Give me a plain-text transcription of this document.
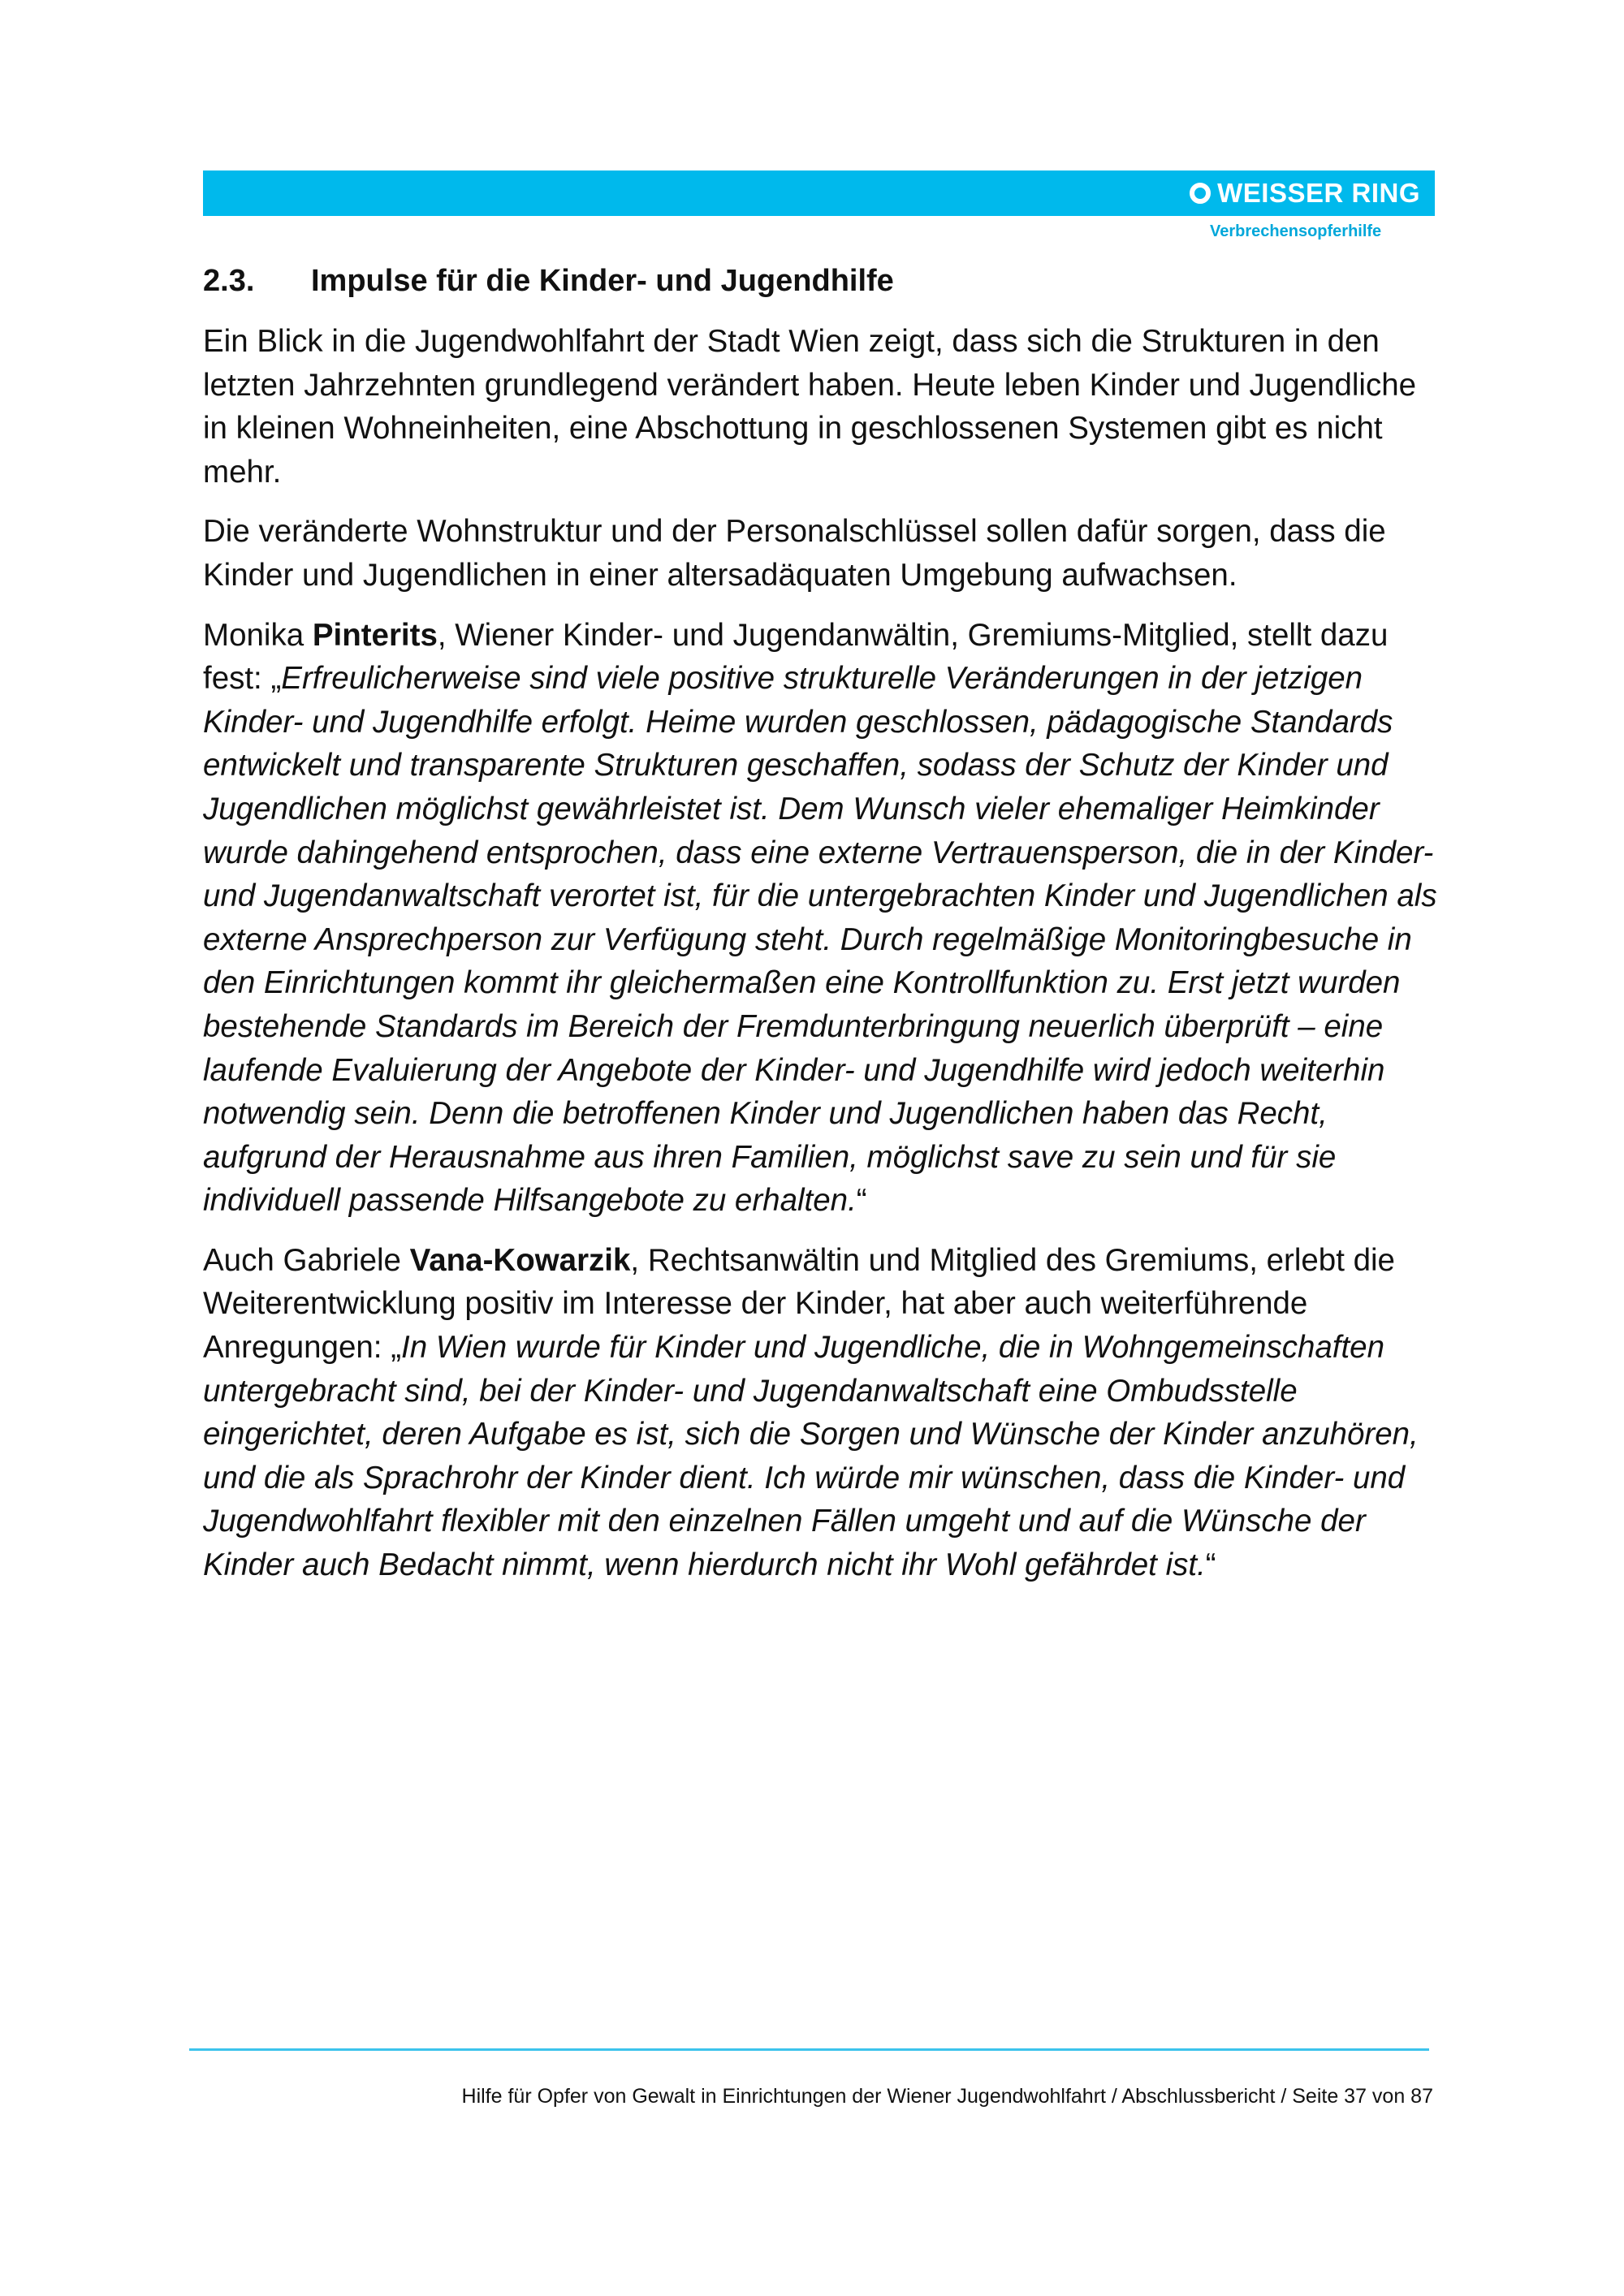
WEISSER RING
Verbrechensopferhilfe
2.3.	Impulse für die Kinder- und Jugendhilfe

Ein Blick in die Jugendwohlfahrt der Stadt Wien zeigt, dass sich die Strukturen in den letzten Jahrzehnten grundlegend verändert haben. Heute leben Kinder und Jugendliche in kleinen Wohneinheiten, eine Abschottung in geschlossenen Systemen gibt es nicht mehr.

Die veränderte Wohnstruktur und der Personalschlüssel sollen dafür sorgen, dass die Kinder und Jugendlichen in einer altersadäquaten Umgebung aufwachsen.

Monika Pinterits, Wiener Kinder- und Jugendanwältin, Gremiums-Mitglied, stellt dazu fest: „Erfreulicherweise sind viele positive strukturelle Veränderungen in der jetzigen Kinder- und Jugendhilfe erfolgt. Heime wurden geschlossen, pädagogische Standards entwickelt und transparente Strukturen geschaffen, sodass der Schutz der Kinder und Jugendlichen möglichst gewährleistet ist. Dem Wunsch vieler ehemaliger Heimkinder wurde dahingehend entsprochen, dass eine externe Vertrauensperson, die in der Kinder- und Jugendanwaltschaft verortet ist, für die untergebrachten Kinder und Jugendlichen als externe Ansprechperson zur Verfügung steht. Durch regelmäßige Monitoringbesuche in den Einrichtungen kommt ihr gleichermaßen eine Kontrollfunktion zu. Erst jetzt wurden bestehende Standards im Bereich der Fremdunterbringung neuerlich überprüft – eine laufende Evaluierung der Angebote der Kinder- und Jugendhilfe wird jedoch weiterhin notwendig sein. Denn die betroffenen Kinder und Jugendlichen haben das Recht, aufgrund der Herausnahme aus ihren Familien, möglichst save zu sein und für sie individuell passende Hilfsangebote zu erhalten.“

Auch Gabriele Vana-Kowarzik, Rechtsanwältin und Mitglied des Gremiums, erlebt die Weiterentwicklung positiv im Interesse der Kinder, hat aber auch weiterführende Anregungen: „In Wien wurde für Kinder und Jugendliche, die in Wohngemeinschaften untergebracht sind, bei der Kinder- und Jugendanwaltschaft eine Ombudsstelle eingerichtet, deren Aufgabe es ist, sich die Sorgen und Wünsche der Kinder anzuhören, und die als Sprachrohr der Kinder dient. Ich würde mir wünschen, dass die Kinder- und Jugendwohlfahrt flexibler mit den einzelnen Fällen umgeht und auf die Wünsche der Kinder auch Bedacht nimmt, wenn hierdurch nicht ihr Wohl gefährdet ist.“

Hilfe für Opfer von Gewalt in Einrichtungen der Wiener Jugendwohlfahrt / Abschlussbericht / Seite 37 von 87
